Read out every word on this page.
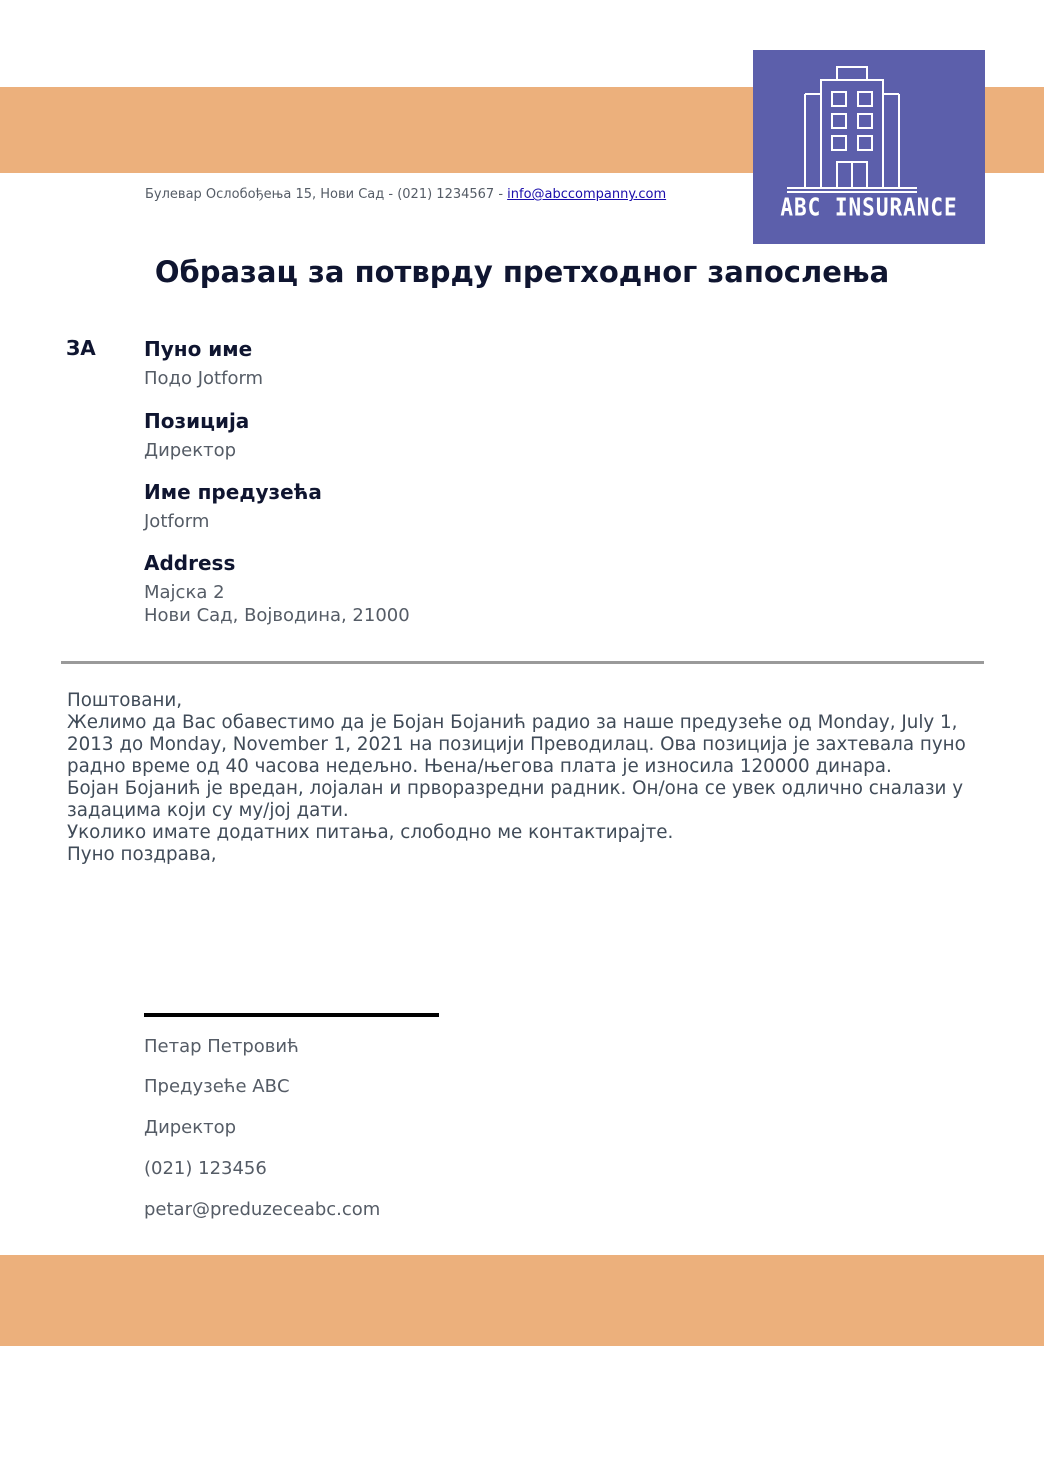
ABC INSURANCE
Булевар Ослобођења 15, Нови Сад - (021) 1234567 - info@abccompanny.com
Образац за потврду претходног запослења
ЗА Пуно име
Подо Jotform
Позиција
Директор
Име предузећа
Jotform
Address
Мајска 2
Нови Сад, Војводина, 21000

Поштовани,

Желимо да Вас обавестимо да је Бојан Бојанић радио за наше предузеће од Monday, July 1, 2013 до Monday, November 1, 2021 на позицији Преводилац. Ова позиција је захтевала пуно радно време од 40 часова недељно. Њена/његова плата је износила 120000 динара.

Бојан Бојанић је вредан, лојалан и прворазредни радник. Он/она се увек одлично сналази у задацима који су му/јој дати.

Уколико имате додатних питања, слободно ме контактирајте.

Пуно поздрава,

Петар Петровић
Предузеће АВС
Директор
(021) 123456
petar@preduzeceabc.com
